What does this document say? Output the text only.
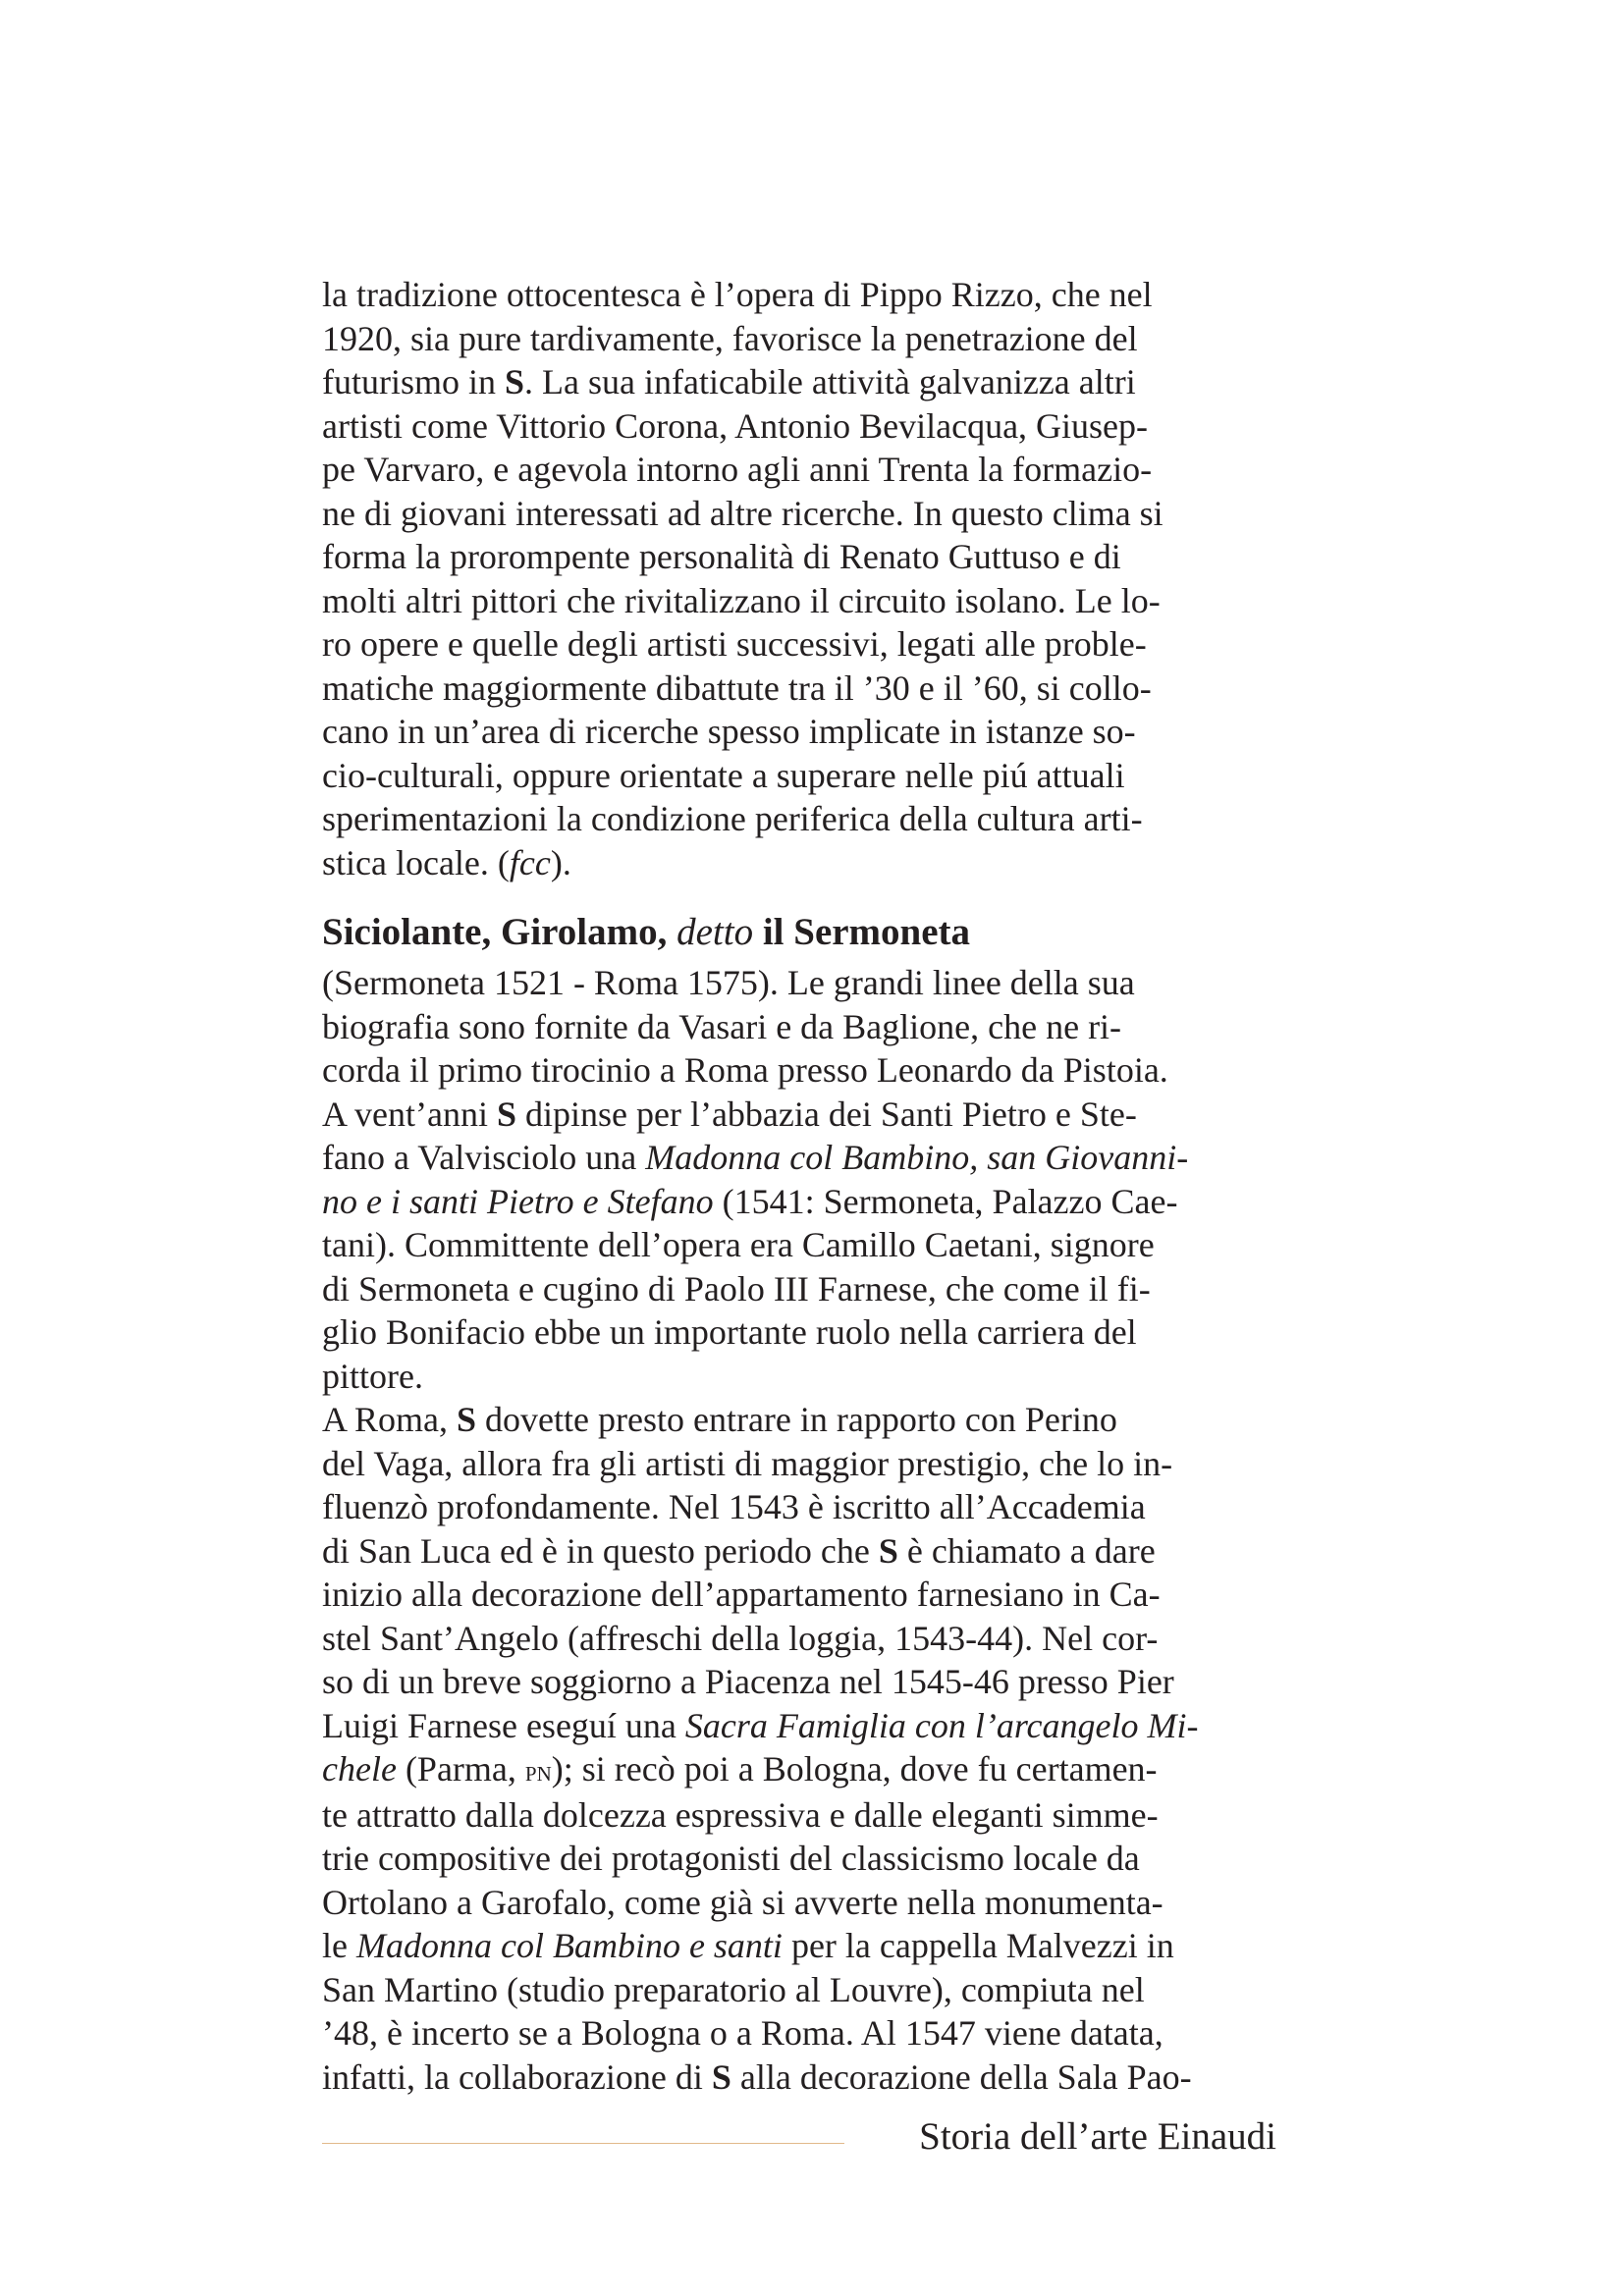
la tradizione ottocentesca è l’opera di Pippo Rizzo, che nel
1920, sia pure tardivamente, favorisce la penetrazione del
futurismo in S. La sua infaticabile attività galvanizza altri
artisti come Vittorio Corona, Antonio Bevilacqua, Giusep-
pe Varvaro, e agevola intorno agli anni Trenta la formazio-
ne di giovani interessati ad altre ricerche. In questo clima si
forma la prorompente personalità di Renato Guttuso e di
molti altri pittori che rivitalizzano il circuito isolano. Le lo-
ro opere e quelle degli artisti successivi, legati alle proble-
matiche maggiormente dibattute tra il ’30 e il ’60, si collo-
cano in un’area di ricerche spesso implicate in istanze so-
cio-culturali, oppure orientate a superare nelle piú attuali
sperimentazioni la condizione periferica della cultura arti-
stica locale. (fcc).

Siciolante, Girolamo, detto il Sermoneta

(Sermoneta 1521 - Roma 1575). Le grandi linee della sua
biografia sono fornite da Vasari e da Baglione, che ne ri-
corda il primo tirocinio a Roma presso Leonardo da Pistoia.
A vent’anni S dipinse per l’abbazia dei Santi Pietro e Ste-
fano a Valvisciolo una Madonna col Bambino, san Giovanni-
no e i santi Pietro e Stefano (1541: Sermoneta, Palazzo Cae-
tani). Committente dell’opera era Camillo Caetani, signore
di Sermoneta e cugino di Paolo III Farnese, che come il fi-
glio Bonifacio ebbe un importante ruolo nella carriera del
pittore.

A Roma, S dovette presto entrare in rapporto con Perino
del Vaga, allora fra gli artisti di maggior prestigio, che lo in-
fluenzò profondamente. Nel 1543 è iscritto all’Accademia
di San Luca ed è in questo periodo che S è chiamato a dare
inizio alla decorazione dell’appartamento farnesiano in Ca-
stel Sant’Angelo (affreschi della loggia, 1543-44). Nel cor-
so di un breve soggiorno a Piacenza nel 1545-46 presso Pier
Luigi Farnese eseguí una Sacra Famiglia con l’arcangelo Mi-
chele (Parma, pn); si recò poi a Bologna, dove fu certamen-
te attratto dalla dolcezza espressiva e dalle eleganti simme-
trie compositive dei protagonisti del classicismo locale da
Ortolano a Garofalo, come già si avverte nella monumenta-
le Madonna col Bambino e santi per la cappella Malvezzi in
San Martino (studio preparatorio al Louvre), compiuta nel
’48, è incerto se a Bologna o a Roma. Al 1547 viene datata,
infatti, la collaborazione di S alla decorazione della Sala Pao-

Storia dell’arte Einaudi
